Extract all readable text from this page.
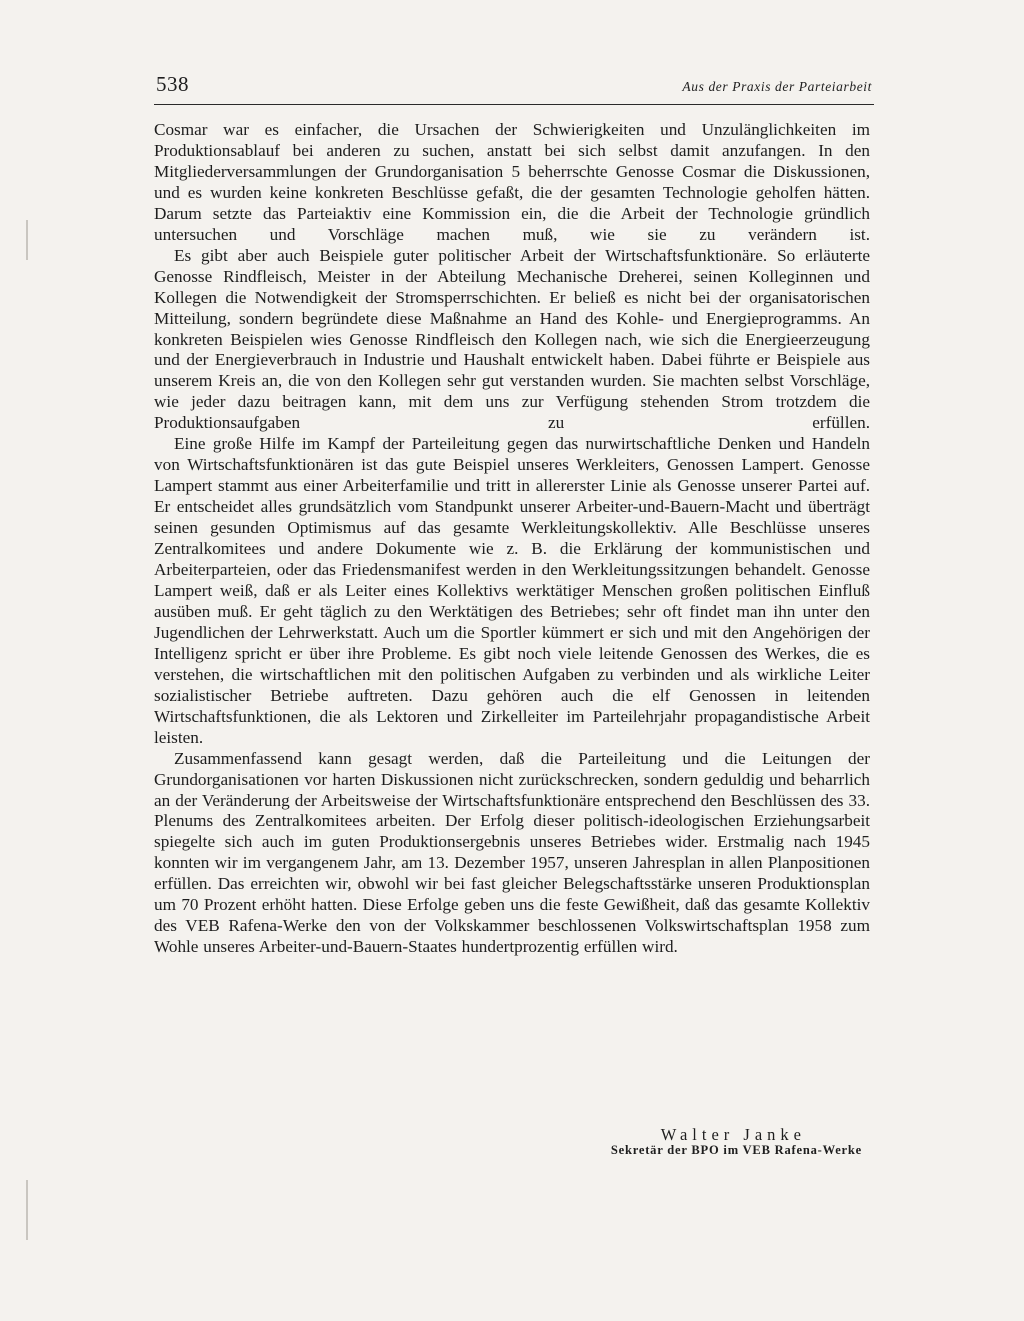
538	Aus der Praxis der Parteiarbeit

Cosmar war es einfacher, die Ursachen der Schwierigkeiten und Unzulänglichkeiten im Produktionsablauf bei anderen zu suchen, anstatt bei sich selbst damit anzufangen. In den Mitgliederversammlungen der Grundorganisation 5 beherrschte Genosse Cosmar die Diskussionen, und es wurden keine konkreten Beschlüsse gefaßt, die der gesamten Technologie geholfen hätten. Darum setzte das Parteiaktiv eine Kommission ein, die die Arbeit der Technologie gründlich untersuchen und Vorschläge machen muß, wie sie zu verändern ist.

Es gibt aber auch Beispiele guter politischer Arbeit der Wirtschaftsfunktionäre. So erläuterte Genosse Rindfleisch, Meister in der Abteilung Mechanische Dreherei, seinen Kolleginnen und Kollegen die Notwendigkeit der Stromsperrschichten. Er beließ es nicht bei der organisatorischen Mitteilung, sondern begründete diese Maßnahme an Hand des Kohle- und Energieprogramms. An konkreten Beispielen wies Genosse Rindfleisch den Kollegen nach, wie sich die Energieerzeugung und der Energieverbrauch in Industrie und Haushalt entwickelt haben. Dabei führte er Beispiele aus unserem Kreis an, die von den Kollegen sehr gut verstanden wurden. Sie machten selbst Vorschläge, wie jeder dazu beitragen kann, mit dem uns zur Verfügung stehenden Strom trotzdem die Produktionsaufgaben zu erfüllen.

Eine große Hilfe im Kampf der Parteileitung gegen das nurwirtschaftliche Denken und Handeln von Wirtschaftsfunktionären ist das gute Beispiel unseres Werkleiters, Genossen Lampert. Genosse Lampert stammt aus einer Arbeiterfamilie und tritt in allererster Linie als Genosse unserer Partei auf. Er entscheidet alles grundsätzlich vom Standpunkt unserer Arbeiter-und-Bauern-Macht und überträgt seinen gesunden Optimismus auf das gesamte Werkleitungskollektiv. Alle Beschlüsse unseres Zentralkomitees und andere Dokumente wie z. B. die Erklärung der kommunistischen und Arbeiterparteien, oder das Friedensmanifest werden in den Werkleitungssitzungen behandelt. Genosse Lampert weiß, daß er als Leiter eines Kollektivs werktätiger Menschen großen politischen Einfluß ausüben muß. Er geht täglich zu den Werktätigen des Betriebes; sehr oft findet man ihn unter den Jugendlichen der Lehrwerkstatt. Auch um die Sportler kümmert er sich und mit den Angehörigen der Intelligenz spricht er über ihre Probleme. Es gibt noch viele leitende Genossen des Werkes, die es verstehen, die wirtschaftlichen mit den politischen Aufgaben zu verbinden und als wirkliche Leiter sozialistischer Betriebe auftreten. Dazu gehören auch die elf Genossen in leitenden Wirtschaftsfunktionen, die als Lektoren und Zirkelleiter im Parteilehrjahr propagandistische Arbeit leisten.

Zusammenfassend kann gesagt werden, daß die Parteileitung und die Leitungen der Grundorganisationen vor harten Diskussionen nicht zurückschrecken, sondern geduldig und beharrlich an der Veränderung der Arbeitsweise der Wirtschaftsfunktionäre entsprechend den Beschlüssen des 33. Plenums des Zentralkomitees arbeiten. Der Erfolg dieser politisch-ideologischen Erziehungsarbeit spiegelte sich auch im guten Produktionsergebnis unseres Betriebes wider. Erstmalig nach 1945 konnten wir im vergangenem Jahr, am 13. Dezember 1957, unseren Jahresplan in allen Planpositionen erfüllen. Das erreichten wir, obwohl wir bei fast gleicher Belegschaftsstärke unseren Produktionsplan um 70 Prozent erhöht hatten. Diese Erfolge geben uns die feste Gewißheit, daß das gesamte Kollektiv des VEB Rafena-Werke den von der Volkskammer beschlossenen Volkswirtschaftsplan 1958 zum Wohle unseres Arbeiter-und-Bauern-Staates hundertprozentig erfüllen wird.

Walter Janke
Sekretär der BPO im VEB Rafena-Werke
